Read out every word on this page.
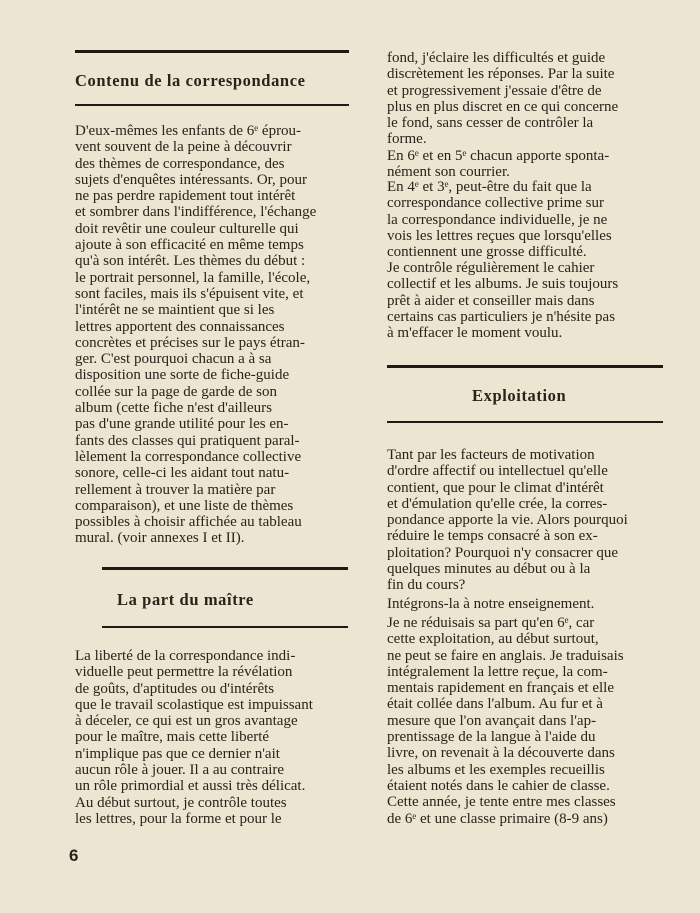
Contenu de la correspondance
D'eux-mêmes les enfants de 6ᵉ éprou-
vent souvent de la peine à découvrir
des thèmes de correspondance, des
sujets d'enquêtes intéressants. Or, pour
ne pas perdre rapidement tout intérêt
et sombrer dans l'indifférence, l'échange
doit revêtir une couleur culturelle qui
ajoute à son efficacité en même temps
qu'à son intérêt. Les thèmes du début :
le portrait personnel, la famille, l'école,
sont faciles, mais ils s'épuisent vite, et
l'intérêt ne se maintient que si les
lettres apportent des connaissances
concrètes et précises sur le pays étran-
ger. C'est pourquoi chacun a à sa
disposition une sorte de fiche-guide
collée sur la page de garde de son
album (cette fiche n'est d'ailleurs
pas d'une grande utilité pour les en-
fants des classes qui pratiquent paral-
lèlement la correspondance collective
sonore, celle-ci les aidant tout natu-
rellement à trouver la matière par
comparaison), et une liste de thèmes
possibles à choisir affichée au tableau
mural. (voir annexes I et II).
La part du maître
La liberté de la correspondance indi-
viduelle peut permettre la révélation
de goûts, d'aptitudes ou d'intérêts
que le travail scolastique est impuissant
à déceler, ce qui est un gros avantage
pour le maître, mais cette liberté
n'implique pas que ce dernier n'ait
aucun rôle à jouer. Il a au contraire
un rôle primordial et aussi très délicat.
Au début surtout, je contrôle toutes
les lettres, pour la forme et pour le
fond, j'éclaire les difficultés et guide
discrètement les réponses. Par la suite
et progressivement j'essaie d'être de
plus en plus discret en ce qui concerne
le fond, sans cesser de contrôler la
forme.
En 6ᵉ et en 5ᵉ chacun apporte sponta-
nément son courrier.
En 4ᵉ et 3ᵉ, peut-être du fait que la
correspondance collective prime sur
la correspondance individuelle, je ne
vois les lettres reçues que lorsqu'elles
contiennent une grosse difficulté.
Je contrôle régulièrement le cahier
collectif et les albums. Je suis toujours
prêt à aider et conseiller mais dans
certains cas particuliers je n'hésite pas
à m'effacer le moment voulu.
Exploitation
Tant par les facteurs de motivation
d'ordre affectif ou intellectuel qu'elle
contient, que pour le climat d'intérêt
et d'émulation qu'elle crée, la corres-
pondance apporte la vie. Alors pourquoi
réduire le temps consacré à son ex-
ploitation? Pourquoi n'y consacrer que
quelques minutes au début ou à la
fin du cours?
Intégrons-la à notre enseignement.
Je ne réduisais sa part qu'en 6ᵉ, car
cette exploitation, au début surtout,
ne peut se faire en anglais. Je traduisais
intégralement la lettre reçue, la com-
mentais rapidement en français et elle
était collée dans l'album. Au fur et à
mesure que l'on avançait dans l'ap-
prentissage de la langue à l'aide du
livre, on revenait à la découverte dans
les albums et les exemples recueillis
étaient notés dans le cahier de classe.
Cette année, je tente entre mes classes
de 6ᵉ et une classe primaire (8-9 ans)
6
